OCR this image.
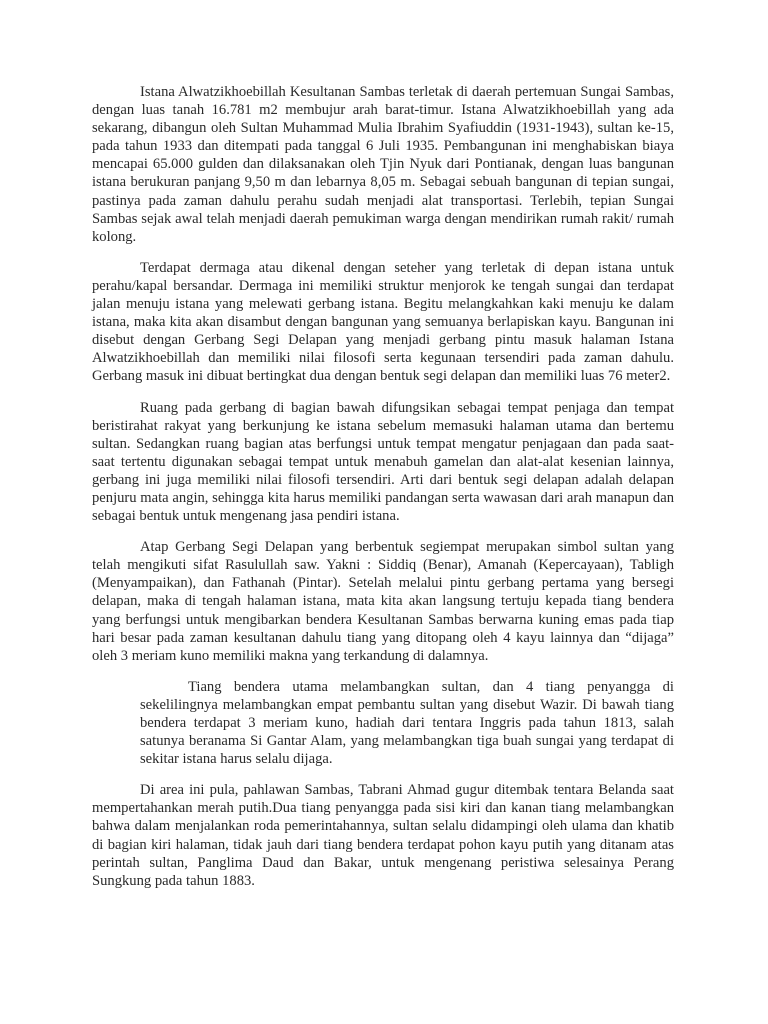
Istana Alwatzikhoebillah Kesultanan Sambas terletak di daerah pertemuan Sungai Sambas, dengan luas tanah 16.781 m2 membujur arah barat-timur. Istana Alwatzikhoebillah yang ada sekarang, dibangun oleh Sultan Muhammad Mulia Ibrahim Syafiuddin (1931-1943), sultan ke-15, pada tahun 1933 dan ditempati pada tanggal 6 Juli 1935. Pembangunan ini menghabiskan biaya mencapai 65.000 gulden dan dilaksanakan oleh Tjin Nyuk dari Pontianak, dengan luas bangunan istana berukuran panjang 9,50 m dan lebarnya 8,05 m. Sebagai sebuah bangunan di tepian sungai, pastinya pada zaman dahulu perahu sudah menjadi alat transportasi. Terlebih, tepian Sungai Sambas sejak awal telah menjadi daerah pemukiman warga dengan mendirikan rumah rakit/ rumah kolong.

Terdapat dermaga atau dikenal dengan seteher yang terletak di depan istana untuk perahu/kapal bersandar. Dermaga ini memiliki struktur menjorok ke tengah sungai dan terdapat jalan menuju istana yang melewati gerbang istana. Begitu melangkahkan kaki menuju ke dalam istana, maka kita akan disambut dengan bangunan yang semuanya berlapiskan kayu. Bangunan ini disebut dengan Gerbang Segi Delapan yang menjadi gerbang pintu masuk halaman Istana Alwatzikhoebillah dan memiliki nilai filosofi serta kegunaan tersendiri pada zaman dahulu. Gerbang masuk ini dibuat bertingkat dua dengan bentuk segi delapan dan memiliki luas 76 meter2.

Ruang pada gerbang di bagian bawah difungsikan sebagai tempat penjaga dan tempat beristirahat rakyat yang berkunjung ke istana sebelum memasuki halaman utama dan bertemu sultan. Sedangkan ruang bagian atas berfungsi untuk tempat mengatur penjagaan dan pada saat-saat tertentu digunakan sebagai tempat untuk menabuh gamelan dan alat-alat kesenian lainnya, gerbang ini juga memiliki nilai filosofi tersendiri. Arti dari bentuk segi delapan adalah delapan penjuru mata angin, sehingga kita harus memiliki pandangan serta wawasan dari arah manapun dan sebagai bentuk untuk mengenang jasa pendiri istana.

Atap Gerbang Segi Delapan yang berbentuk segiempat merupakan simbol sultan yang telah mengikuti sifat Rasulullah saw. Yakni : Siddiq (Benar), Amanah (Kepercayaan), Tabligh (Menyampaikan), dan Fathanah (Pintar). Setelah melalui pintu gerbang pertama yang bersegi delapan, maka di tengah halaman istana, mata kita akan langsung tertuju kepada tiang bendera yang berfungsi untuk mengibarkan bendera Kesultanan Sambas berwarna kuning emas pada tiap hari besar pada zaman kesultanan dahulu tiang yang ditopang oleh 4 kayu lainnya dan “dijaga” oleh 3 meriam kuno memiliki makna yang terkandung di dalamnya.

Tiang bendera utama melambangkan sultan, dan 4 tiang penyangga di sekelilingnya melambangkan empat pembantu sultan yang disebut Wazir. Di bawah tiang bendera terdapat 3 meriam kuno, hadiah dari tentara Inggris pada tahun 1813, salah satunya beranama Si Gantar Alam, yang melambangkan tiga buah sungai yang terdapat di sekitar istana harus selalu dijaga.

Di area ini pula, pahlawan Sambas, Tabrani Ahmad gugur ditembak tentara Belanda saat mempertahankan merah putih.Dua tiang penyangga pada sisi kiri dan kanan tiang melambangkan bahwa dalam menjalankan roda pemerintahannya, sultan selalu didampingi oleh ulama dan khatib di bagian kiri halaman, tidak jauh dari tiang bendera terdapat pohon kayu putih yang ditanam atas perintah sultan, Panglima Daud dan Bakar, untuk mengenang peristiwa selesainya Perang Sungkung pada tahun 1883.
